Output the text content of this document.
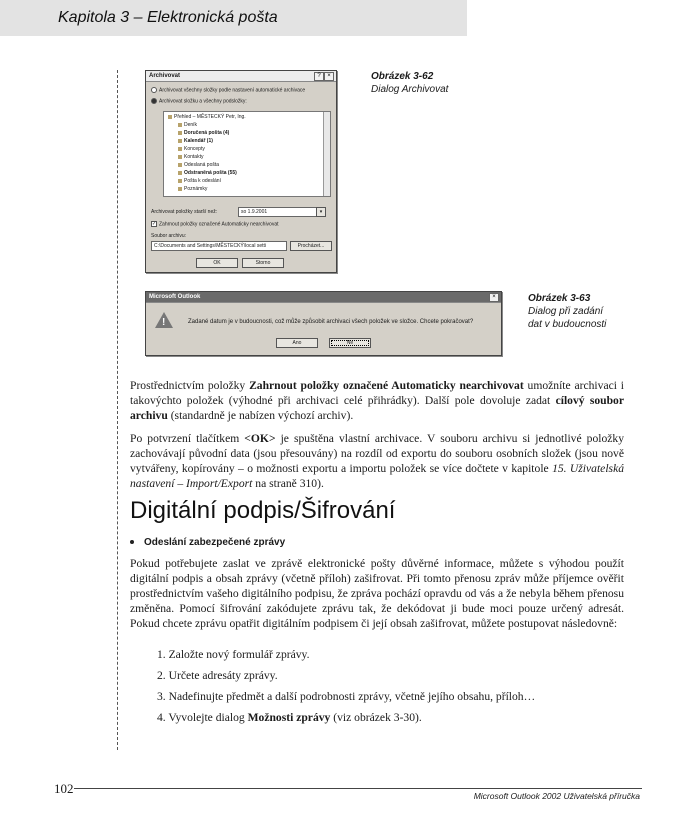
Kapitola 3 – Elektronická pošta
Archivovat	?	×
Archivovat všechny složky podle nastavení automatické archivace
Archivovat složku a všechny podsložky:
Přehled – MĚSTECKÝ Petr, Ing.
Deník
Doručená pošta (4)
Kalendář (1)
Koncepty
Kontakty
Odeslaná pošta
Odstraněná pošta (55)
Pošta k odeslání
Poznámky
Archivovat položky starší než:	so 1.9.2001	▾
✓ Zahrnout položky označené Automaticky nearchivovat
Soubor archivu:
C:\Documents and Settings\MĚSTECKÝ\local setti	Procházet...
OK	Storno
Obrázek 3-62
Dialog Archivovat
Microsoft Outlook	×
!	Zadané datum je v budoucnosti, což může způsobit archivaci všech položek ve složce. Chcete pokračovat?
Ano	Ne
Obrázek 3-63
Dialog při zadání
dat v budoucnosti
Prostřednictvím položky Zahrnout položky označené Automaticky nearchivovat umožníte archivaci i takovýchto položek (výhodné při archivaci celé přihrádky). Další pole dovoluje zadat cílový soubor archivu (standardně je nabízen výchozí archiv).
Po potvrzení tlačítkem <OK> je spuštěna vlastní archivace. V souboru archivu si jednotlivé položky zachovávají původní data (jsou přesouvány) na rozdíl od exportu do souboru osobních složek (jsou nově vytvářeny, kopírovány – o možnosti exportu a importu položek se více dočtete v kapitole 15. Uživatelská nastavení – Import/Export na straně 310).
Digitální podpis/Šifrování
Odeslání zabezpečené zprávy
Pokud potřebujete zaslat ve zprávě elektronické pošty důvěrné informace, můžete s výhodou použít digitální podpis a obsah zprávy (včetně příloh) zašifrovat. Při tomto přenosu zpráv může příjemce ověřit prostřednictvím vašeho digitálního podpisu, že zpráva pochází opravdu od vás a že nebyla během přenosu změněna. Pomocí šifrování zakódujete zprávu tak, že dekódovat ji bude moci pouze určený adresát. Pokud chcete zprávu opatřit digitálním podpisem či její obsah zašifrovat, můžete postupovat následovně:
1. Založte nový formulář zprávy.
2. Určete adresáty zprávy.
3. Nadefinujte předmět a další podrobnosti zprávy, včetně jejího obsahu, příloh…
4. Vyvolejte dialog Možnosti zprávy (viz obrázek 3-30).
102	Microsoft Outlook 2002 Uživatelská příručka
